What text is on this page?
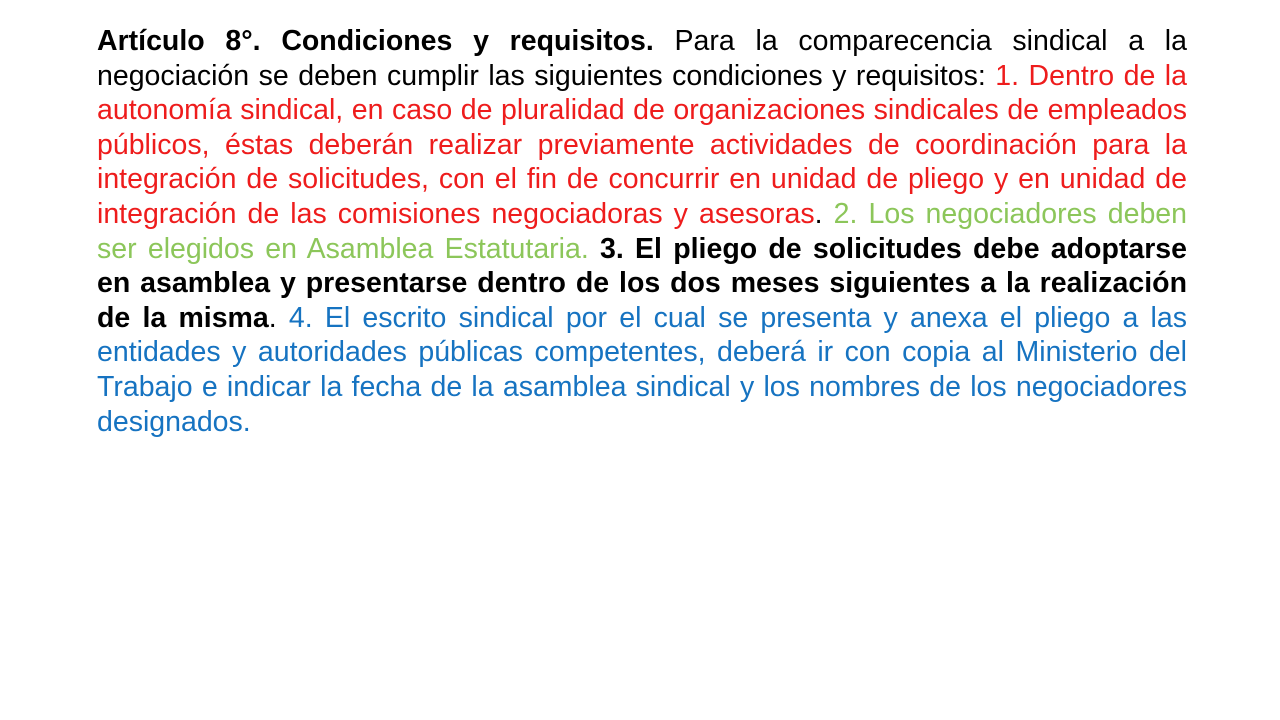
Artículo 8°. Condiciones y requisitos. Para la comparecencia sindical a la negociación se deben cumplir las siguientes condiciones y requisitos: 1. Dentro de la autonomía sindical, en caso de pluralidad de organizaciones sindicales de empleados públicos, éstas deberán realizar previamente actividades de coordinación para la integración de solicitudes, con el fin de concurrir en unidad de pliego y en unidad de integración de las comisiones negociadoras y asesoras. 2. Los negociadores deben ser elegidos en Asamblea Estatutaria. 3. El pliego de solicitudes debe adoptarse en asamblea y presentarse dentro de los dos meses siguientes a la realización de la misma. 4. El escrito sindical por el cual se presenta y anexa el pliego a las entidades y autoridades públicas competentes, deberá ir con copia al Ministerio del Trabajo e indicar la fecha de la asamblea sindical y los nombres de los negociadores designados.
